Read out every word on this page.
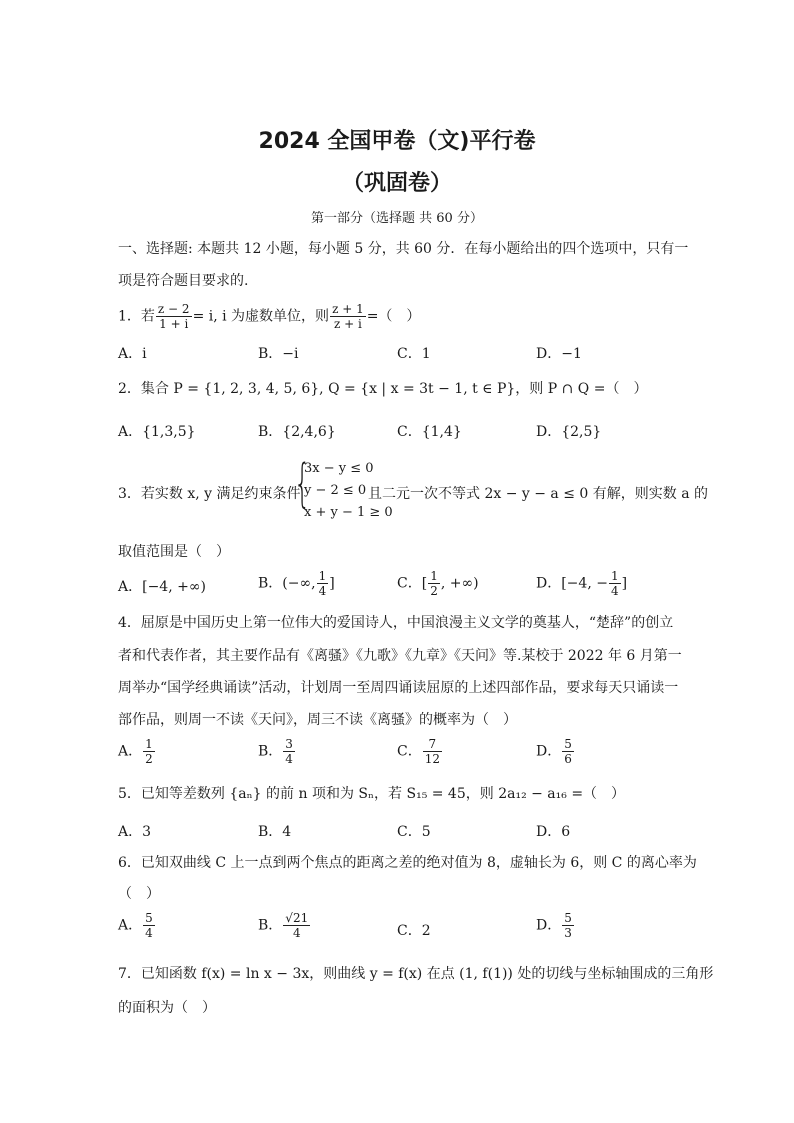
2024 全国甲卷（文)平行卷
（巩固卷）
第一部分（选择题 共 60 分）
一、选择题: 本题共 12 小题，每小题 5 分，共 60 分．在每小题给出的四个选项中，只有一
项是符合题目要求的.
1．若 $\frac{z - 2}{1 + i} = i$, i 为虚数单位，则 $\frac{z + 1}{z + i}$ =（　）
A．i	B．−i	C．1	D．−1
2．集合 P = {1, 2, 3, 4, 5, 6}, Q = {x | x = 3t − 1, t ∈ P}，则 P ∩ Q =（　）
A．{1,3,5}	B．{2,4,6}	C．{1,4}	D．{2,5}
{
3x − y ≤ 0
y − 2 ≤ 0
x + y − 1 ≥ 0
3．若实数 x, y 满足约束条件	且二元一次不等式 2x − y − a ≤ 0 有解，则实数 a 的
取值范围是（　）
A．[−4, +∞)	B．(−∞, $\frac{1}{4}$ ]	C．[ $\frac{1}{2}$ , +∞)	D．[−4, − $\frac{1}{4}$ ]
4．屈原是中国历史上第一位伟大的爱国诗人，中国浪漫主义文学的奠基人，“楚辞”的创立
者和代表作者，其主要作品有《离骚》《九歌》《九章》《天问》等.某校于 2022 年 6 月第一
周举办“国学经典诵读”活动，计划周一至周四诵读屈原的上述四部作品，要求每天只诵读一
部作品，则周一不读《天问》，周三不读《离骚》的概率为（　）
A． $\frac{1}{2}$	B． $\frac{3}{4}$	C． $\frac{7}{12}$	D． $\frac{5}{6}$
5．已知等差数列 {aₙ} 的前 n 项和为 Sₙ，若 S₁₅ = 45，则 2a₁₂ − a₁₆ =（　）
A．3	B．4	C．5	D．6
6．已知双曲线 C 上一点到两个焦点的距离之差的绝对值为 8，虚轴长为 6，则 C 的离心率为
（　）
A． $\frac{5}{4}$	B． $\frac{√21}{4}$	C．2	D． $\frac{5}{3}$
7．已知函数 f(x) = ln x − 3x，则曲线 y = f(x) 在点 (1, f(1)) 处的切线与坐标轴围成的三角形
的面积为（　）
